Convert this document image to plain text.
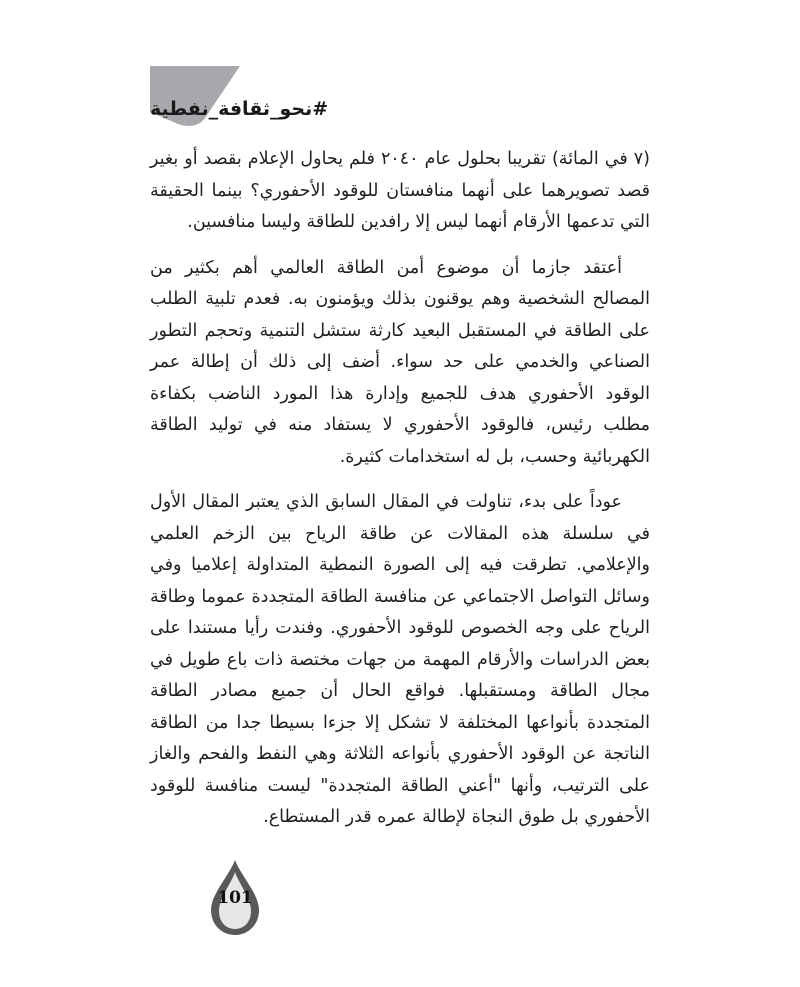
#نحو_ثقافة_نفطية

(٧ في المائة) تقريبا بحلول عام ٢٠٤٠ فلم يحاول الإعلام بقصد أو بغير قصد تصويرهما على أنهما منافستان للوقود الأحفوري؟ بينما الحقيقة التي تدعمها الأرقام أنهما ليس إلا رافدين للطاقة وليسا منافسين.

أعتقد جازما أن موضوع أمن الطاقة العالمي أهم بكثير من المصالح الشخصية وهم يوقنون بذلك ويؤمنون به. فعدم تلبية الطلب على الطاقة في المستقبل البعيد كارثة ستشل التنمية وتحجم التطور الصناعي والخدمي على حد سواء. أضف إلى ذلك أن إطالة عمر الوقود الأحفوري هدف للجميع وإدارة هذا المورد الناضب بكفاءة مطلب رئيس، فالوقود الأحفوري لا يستفاد منه في توليد الطاقة الكهربائية وحسب، بل له استخدامات كثيرة.

عوداً على بدء، تناولت في المقال السابق الذي يعتبر المقال الأول في سلسلة هذه المقالات عن طاقة الرياح بين الزخم العلمي والإعلامي. تطرقت فيه إلى الصورة النمطية المتداولة إعلاميا وفي وسائل التواصل الاجتماعي عن منافسة الطاقة المتجددة عموما وطاقة الرياح على وجه الخصوص للوقود الأحفوري. وفندت رأيا مستندا على بعض الدراسات والأرقام المهمة من جهات مختصة ذات باع طويل في مجال الطاقة ومستقبلها. فواقع الحال أن جميع مصادر الطاقة المتجددة بأنواعها المختلفة لا تشكل إلا جزءا بسيطا جدا من الطاقة الناتجة عن الوقود الأحفوري بأنواعه الثلاثة وهي النفط والفحم والغاز على الترتيب، وأنها "أعني الطاقة المتجددة" ليست منافسة للوقود الأحفوري بل طوق النجاة لإطالة عمره قدر المستطاع.

101
